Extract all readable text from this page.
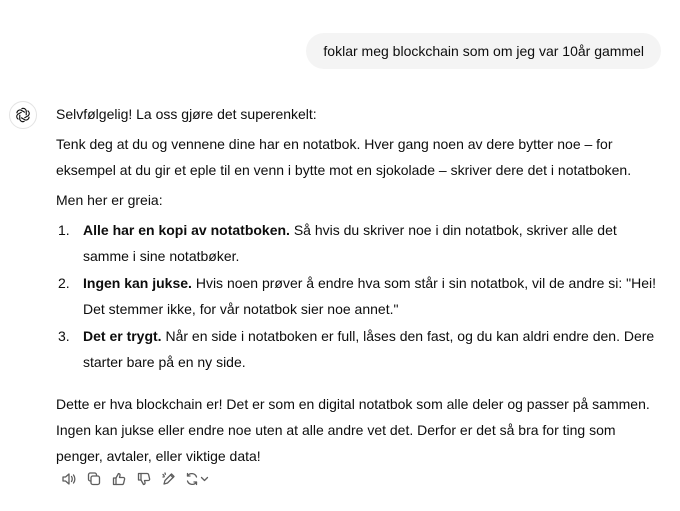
foklar meg blockchain som om jeg var 10år gammel

Selvfølgelig! La oss gjøre det superenkelt:

Tenk deg at du og vennene dine har en notatbok. Hver gang noen av dere bytter noe – for eksempel at du gir et eple til en venn i bytte mot en sjokolade – skriver dere det i notatboken.

Men her er greia:

1. Alle har en kopi av notatboken. Så hvis du skriver noe i din notatbok, skriver alle det samme i sine notatbøker.
2. Ingen kan jukse. Hvis noen prøver å endre hva som står i sin notatbok, vil de andre si: "Hei! Det stemmer ikke, for vår notatbok sier noe annet."
3. Det er trygt. Når en side i notatboken er full, låses den fast, og du kan aldri endre den. Dere starter bare på en ny side.

Dette er hva blockchain er! Det er som en digital notatbok som alle deler og passer på sammen. Ingen kan jukse eller endre noe uten at alle andre vet det. Derfor er det så bra for ting som penger, avtaler, eller viktige data!
